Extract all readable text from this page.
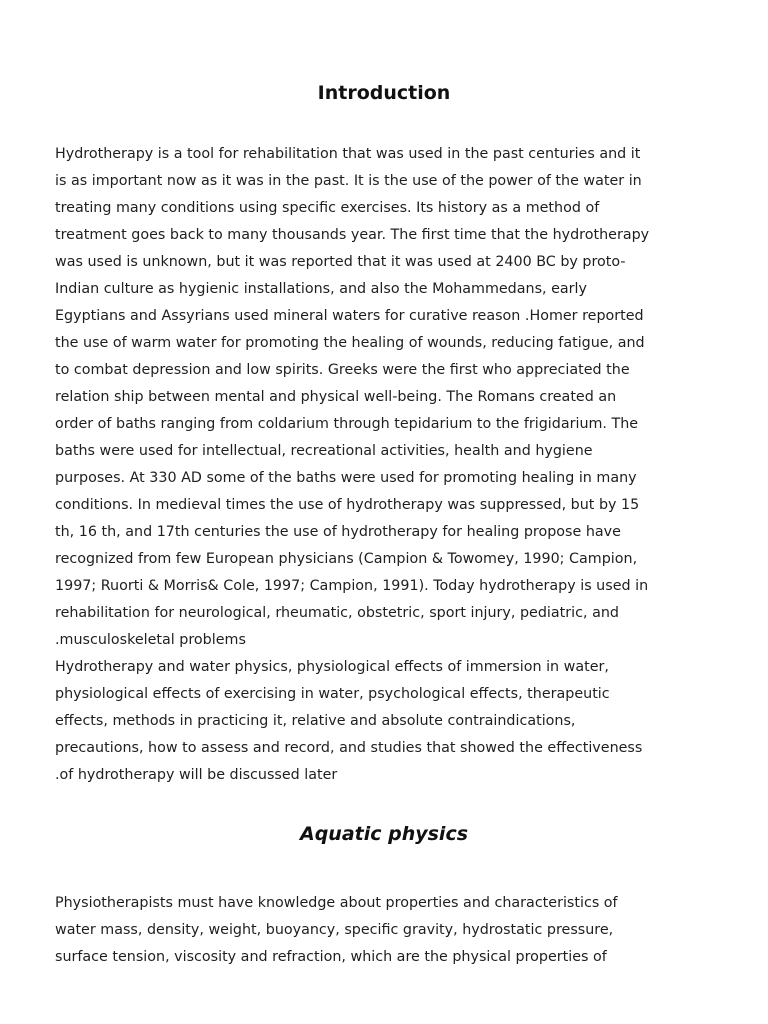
Introduction
Hydrotherapy is a tool for rehabilitation that was used in the past centuries and it
is as important now as it was in the past. It is the use of the power of the water in
treating many conditions using specific exercises. Its history as a method of
treatment goes back to many thousands year. The first time that the hydrotherapy
was used is unknown, but it was reported that it was used at 2400 BC by proto-
Indian culture as hygienic installations, and also the Mohammedans, early
Egyptians and Assyrians used mineral waters for curative reason .Homer reported
the use of warm water for promoting the healing of wounds, reducing fatigue, and
to combat depression and low spirits. Greeks were the first who appreciated the
relation ship between mental and physical well-being. The Romans created an
order of baths ranging from coldarium through tepidarium to the frigidarium. The
baths were used for intellectual, recreational activities, health and hygiene
purposes. At 330 AD some of the baths were used for promoting healing in many
conditions. In medieval times the use of hydrotherapy was suppressed, but by 15
th, 16 th, and 17th centuries the use of hydrotherapy for healing propose have
recognized from few European physicians (Campion & Towomey, 1990; Campion,
1997; Ruorti & Morris& Cole, 1997; Campion, 1991). Today hydrotherapy is used in
rehabilitation for neurological, rheumatic, obstetric, sport injury, pediatric, and
.musculoskeletal problems
Hydrotherapy and water physics, physiological effects of immersion in water,
physiological effects of exercising in water, psychological effects, therapeutic
effects, methods in practicing it, relative and absolute contraindications,
precautions, how to assess and record, and studies that showed the effectiveness
.of hydrotherapy will be discussed later
Aquatic physics
Physiotherapists must have knowledge about properties and characteristics of
water mass, density, weight, buoyancy, specific gravity, hydrostatic pressure,
surface tension, viscosity and refraction, which are the physical properties of
